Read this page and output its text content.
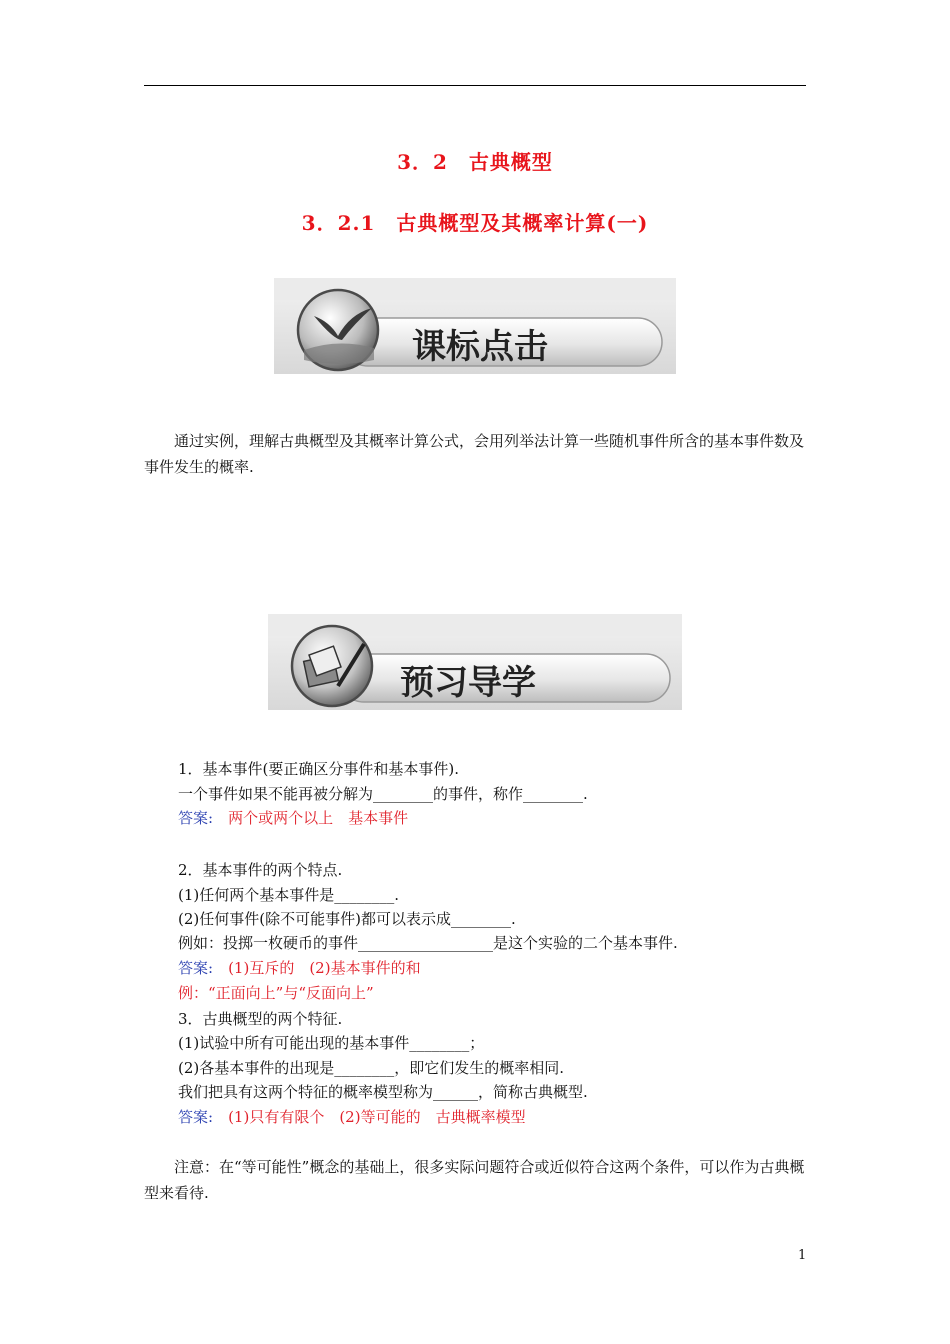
3．2　古典概型
3．2.1　古典概型及其概率计算(一)
课标点击
通过实例，理解古典概型及其概率计算公式，会用列举法计算一些随机事件所含的基本事件数及事件发生的概率.
预习导学
1．基本事件(要正确区分事件和基本事件).
一个事件如果不能再被分解为________的事件，称作________.
答案:　 两个或两个以上　基本事件
2．基本事件的两个特点.
(1)任何两个基本事件是________.
(2)任何事件(除不可能事件)都可以表示成________.
例如：投掷一枚硬币的事件__________________是这个实验的二个基本事件.
答案:　 (1)互斥的　(2)基本事件的和
例：“正面向上”与“反面向上”
3．古典概型的两个特征.
(1)试验中所有可能出现的基本事件________；
(2)各基本事件的出现是________，即它们发生的概率相同.
我们把具有这两个特征的概率模型称为______，简称古典概型.
答案:　 (1)只有有限个　(2)等可能的　古典概率模型
注意：在“等可能性”概念的基础上，很多实际问题符合或近似符合这两个条件，可以作为古典概型来看待.
1
